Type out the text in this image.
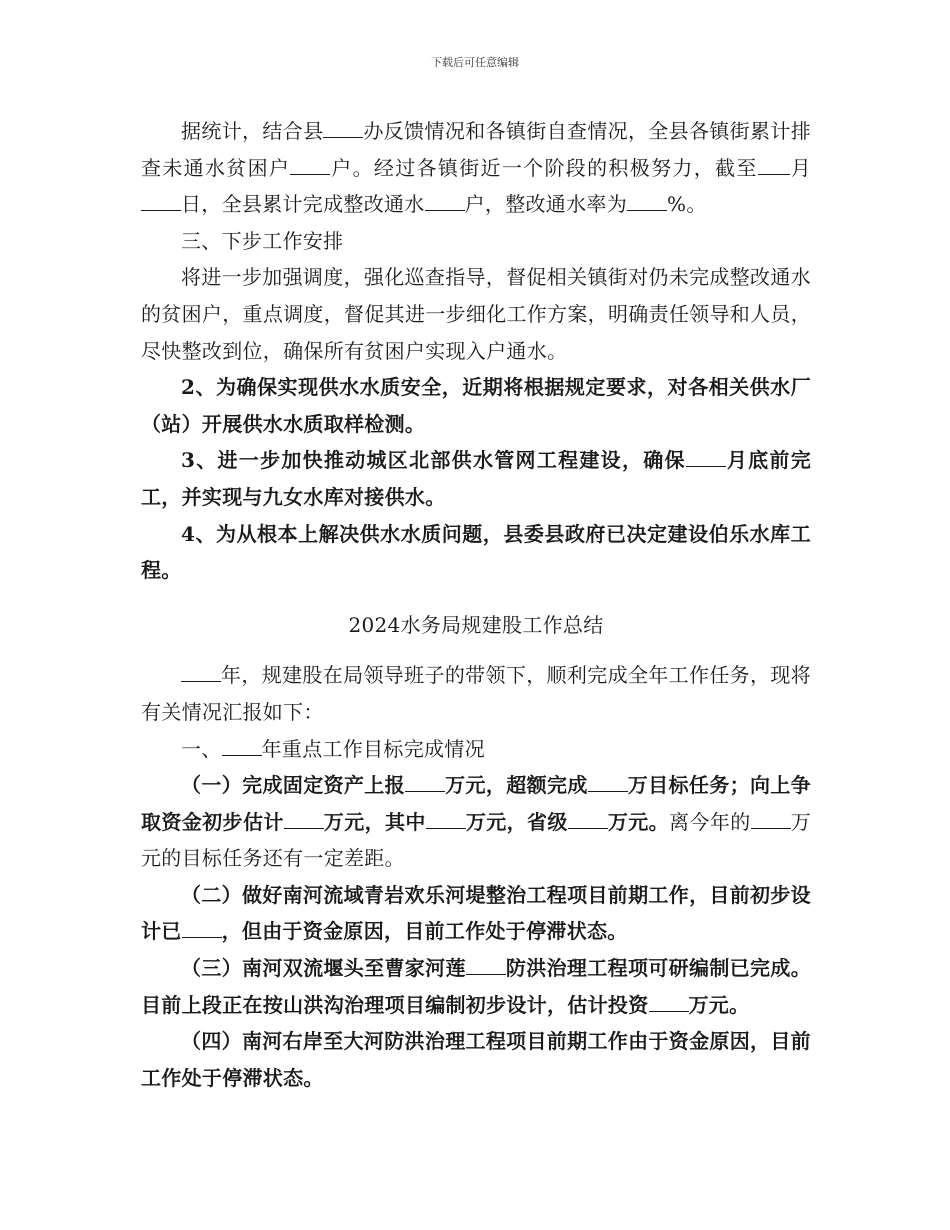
下载后可任意编辑

据统计，结合县 办反馈情况和各镇街自查情况，全县各镇街累计排查未通水贫困户 户。经过各镇街近一个阶段的积极努力，截至 月日，全县累计完成整改通水 户，整改通水率为 %。

三、下步工作安排

将进一步加强调度，强化巡查指导，督促相关镇街对仍未完成整改通水的贫困户，重点调度，督促其进一步细化工作方案，明确责任领导和人员，尽快整改到位，确保所有贫困户实现入户通水。

2、为确保实现供水水质安全，近期将根据规定要求，对各相关供水厂（站）开展供水水质取样检测。

3、进一步加快推动城区北部供水管网工程建设，确保 月底前完工，并实现与九女水库对接供水。

4、为从根本上解决供水水质问题，县委县政府已决定建设伯乐水库工程。

2024水务局规建股工作总结

年，规建股在局领导班子的带领下，顺利完成全年工作任务，现将有关情况汇报如下：

一、 年重点工作目标完成情况

（一）完成固定资产上报 万元，超额完成 万目标任务；向上争取资金初步估计 万元，其中 万元，省级 万元。离今年的 万元的目标任务还有一定差距。

（二）做好南河流域青岩欢乐河堤整治工程项目前期工作，目前初步设计已 ，但由于资金原因，目前工作处于停滞状态。

（三）南河双流堰头至曹家河莲 防洪治理工程项可研编制已完成。目前上段正在按山洪沟治理项目编制初步设计，估计投资 万元。

（四）南河右岸至大河防洪治理工程项目前期工作由于资金原因，目前工作处于停滞状态。
